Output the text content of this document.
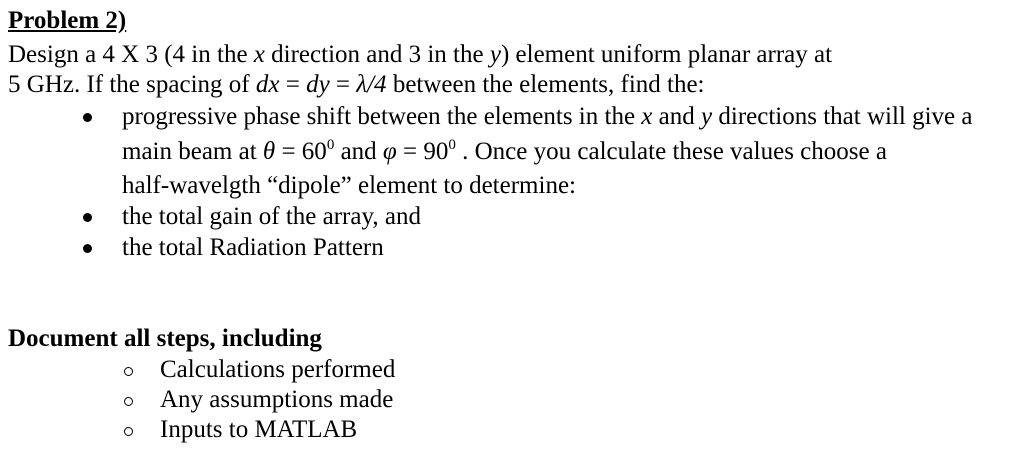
Problem 2)
Design a 4 X 3 (4 in the x direction and 3 in the y) element uniform planar array at
5 GHz. If the spacing of dx = dy = λ/4 between the elements, find the:
progressive phase shift between the elements in the x and y directions that will give a
main beam at $\theta = 60^0$ and $\varphi = 90^0$ . Once you calculate these values choose a
half-wavelgth “dipole” element to determine:
the total gain of the array, and
the total Radiation Pattern
Document all steps, including
Calculations performed
Any assumptions made
Inputs to MATLAB
